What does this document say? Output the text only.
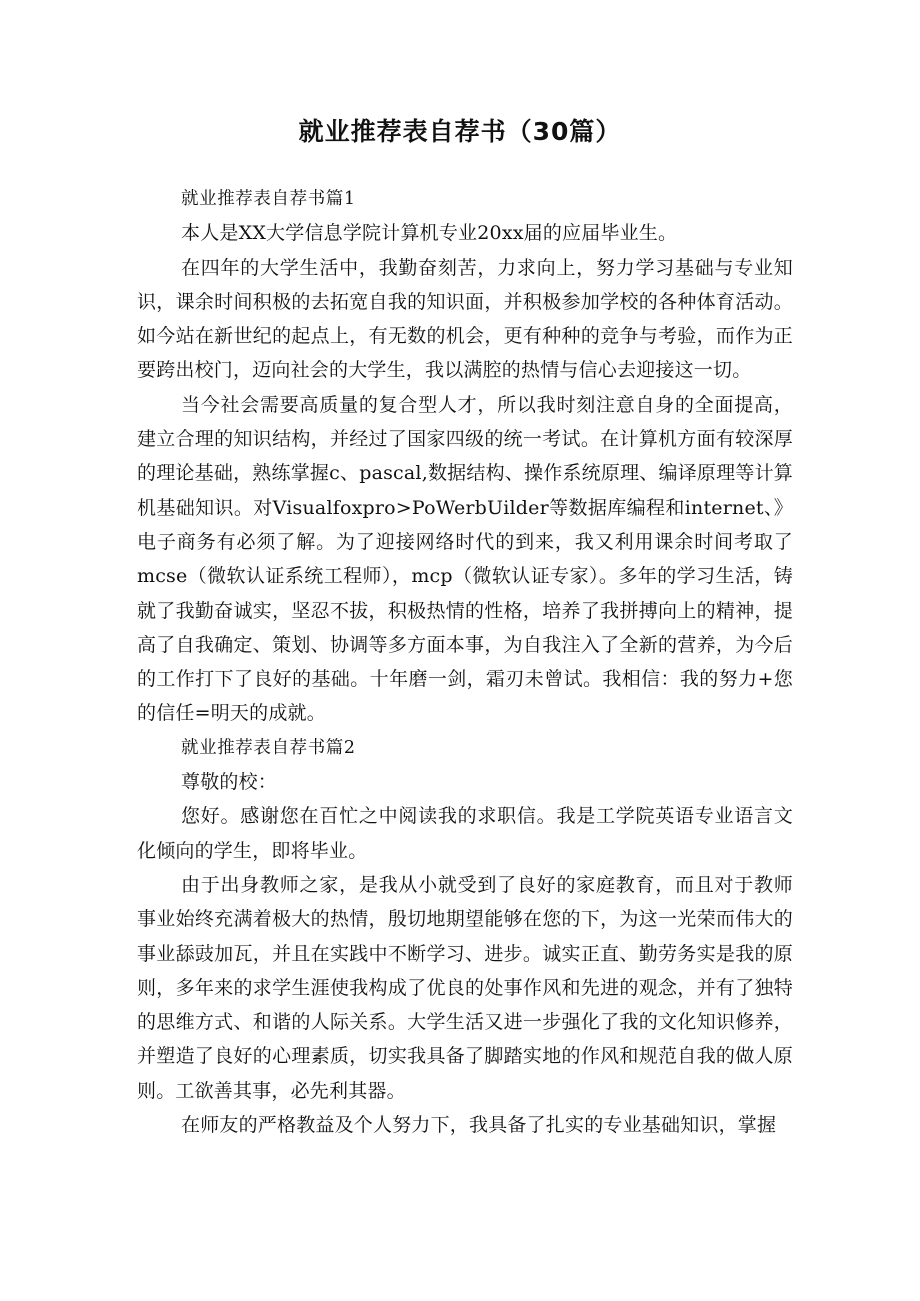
就业推荐表自荐书（30篇）

就业推荐表自荐书篇1

本人是XX大学信息学院计算机专业20xx届的应届毕业生。

在四年的大学生活中，我勤奋刻苦，力求向上，努力学习基础与专业知识，课余时间积极的去拓宽自我的知识面，并积极参加学校的各种体育活动。如今站在新世纪的起点上，有无数的机会，更有种种的竞争与考验，而作为正要跨出校门，迈向社会的大学生，我以满腔的热情与信心去迎接这一切。

当今社会需要高质量的复合型人才，所以我时刻注意自身的全面提高，建立合理的知识结构，并经过了国家四级的统一考试。在计算机方面有较深厚的理论基础，熟练掌握c、pascal,数据结构、操作系统原理、编译原理等计算机基础知识。对Visualfoxpro>PoWerbUilder等数据库编程和internet、》电子商务有必须了解。为了迎接网络时代的到来，我又利用课余时间考取了mcse（微软认证系统工程师），mcp（微软认证专家）。多年的学习生活，铸就了我勤奋诚实，坚忍不拔，积极热情的性格，培养了我拼搏向上的精神，提高了自我确定、策划、协调等多方面本事，为自我注入了全新的营养，为今后的工作打下了良好的基础。十年磨一剑，霜刃未曾试。我相信：我的努力+您的信任=明天的成就。

就业推荐表自荐书篇2

尊敬的校：

您好。感谢您在百忙之中阅读我的求职信。我是工学院英语专业语言文化倾向的学生，即将毕业。

由于出身教师之家，是我从小就受到了良好的家庭教育，而且对于教师事业始终充满着极大的热情，殷切地期望能够在您的下，为这一光荣而伟大的事业舔豉加瓦，并且在实践中不断学习、进步。诚实正直、勤劳务实是我的原则，多年来的求学生涯使我构成了优良的处事作风和先进的观念，并有了独特的思维方式、和谐的人际关系。大学生活又进一步强化了我的文化知识修养，并塑造了良好的心理素质，切实我具备了脚踏实地的作风和规范自我的做人原则。工欲善其事，必先利其器。

在师友的严格教益及个人努力下，我具备了扎实的专业基础知识，掌握
